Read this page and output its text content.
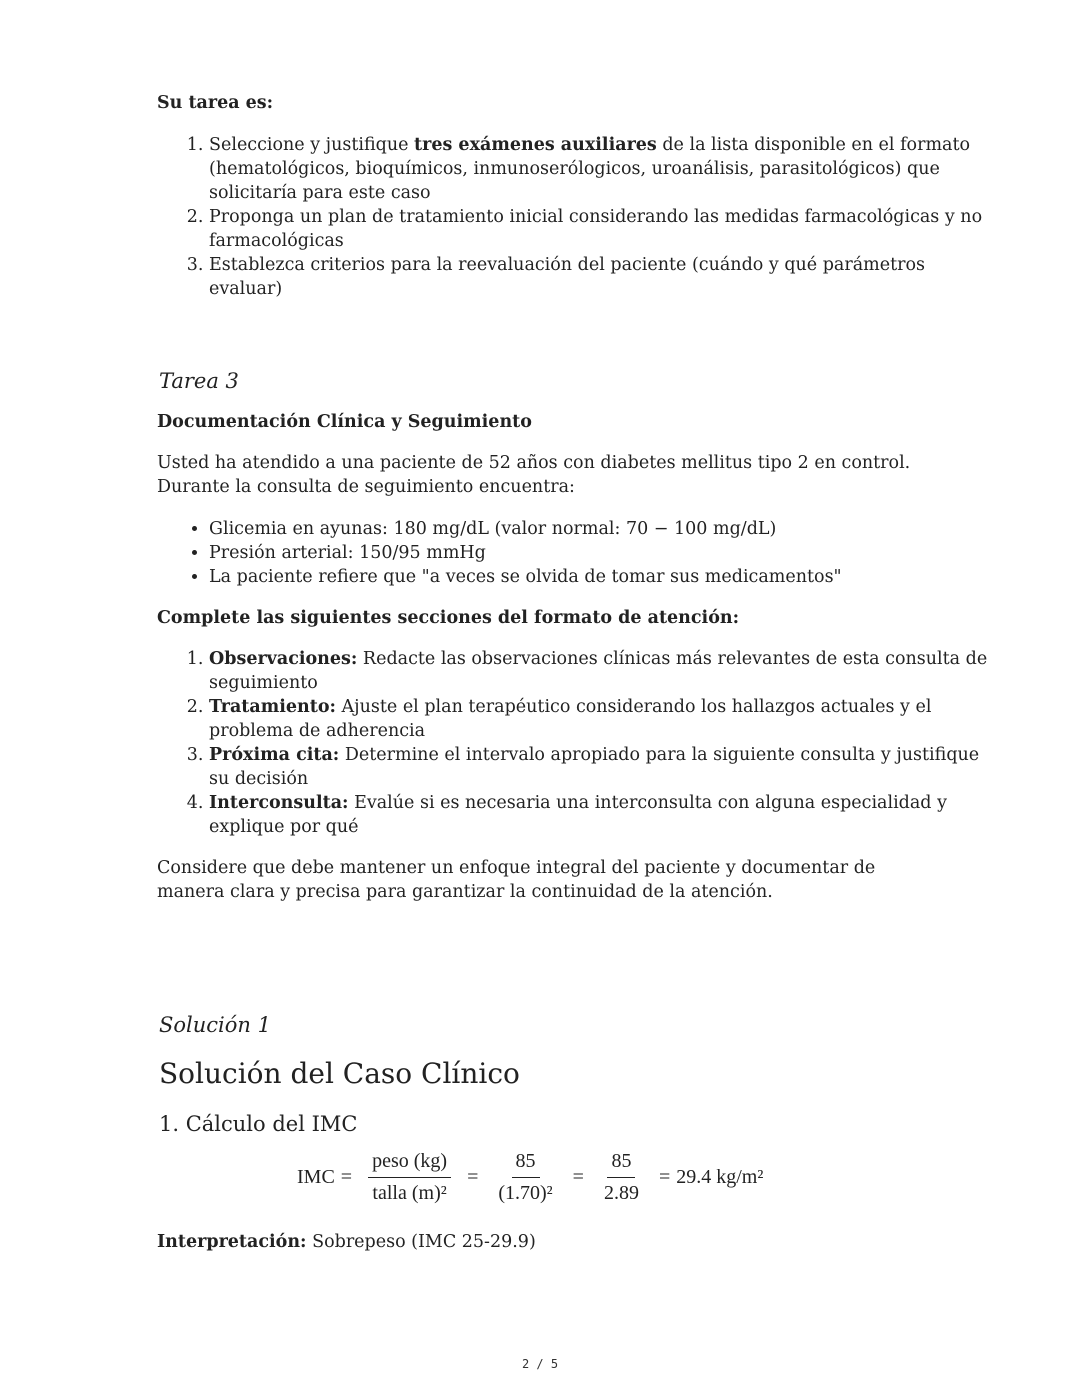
Su tarea es:

1. Seleccione y justifique tres exámenes auxiliares de la lista disponible en el formato (hematológicos, bioquímicos, inmunoserólogicos, uroanálisis, parasitológicos) que solicitaría para este caso
2. Proponga un plan de tratamiento inicial considerando las medidas farmacológicas y no farmacológicas
3. Establezca criterios para la reevaluación del paciente (cuándo y qué parámetros evaluar)
Tarea 3

Documentación Clínica y Seguimiento

Usted ha atendido a una paciente de 52 años con diabetes mellitus tipo 2 en control. Durante la consulta de seguimiento encuentra:

• Glicemia en ayunas: 180 mg/dL (valor normal: 70 − 100 mg/dL)
• Presión arterial: 150/95 mmHg
• La paciente refiere que "a veces se olvida de tomar sus medicamentos"

Complete las siguientes secciones del formato de atención:

1. Observaciones: Redacte las observaciones clínicas más relevantes de esta consulta de seguimiento
2. Tratamiento: Ajuste el plan terapéutico considerando los hallazgos actuales y el problema de adherencia
3. Próxima cita: Determine el intervalo apropiado para la siguiente consulta y justifique su decisión
4. Interconsulta: Evalúe si es necesaria una interconsulta con alguna especialidad y explique por qué

Considere que debe mantener un enfoque integral del paciente y documentar de manera clara y precisa para garantizar la continuidad de la atención.

Solución 1
Solución del Caso Clínico
1. Cálculo del IMC
IMC = $\frac{\text{peso (kg)}}{\text{talla (m)²}} = \frac{85}{\text{(1.70)²}} = \frac{85}{2.89} = 29.4$ kg/m²

Interpretación: Sobrepeso (IMC 25-29.9)

2 / 5
